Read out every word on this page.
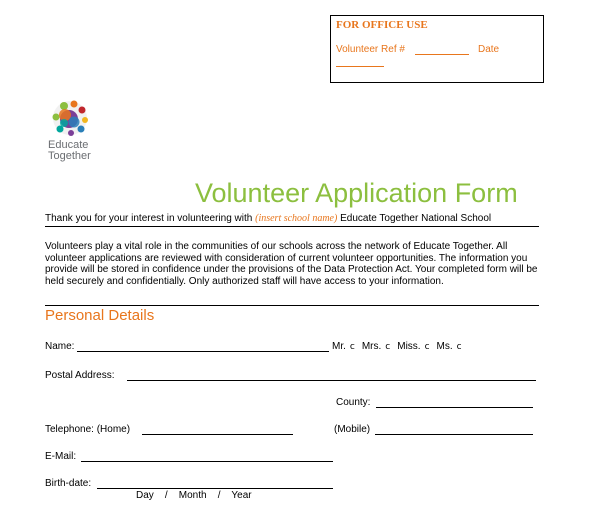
FOR OFFICE USE
Volunteer Ref #	Date
Educate
Together
Volunteer Application Form
Thank you for your interest in volunteering with (insert school name) Educate Together National School
Volunteers play a vital role in the communities of our schools across the network of Educate Together. All volunteer applications are reviewed with consideration of current volunteer opportunities. The information you provide will be stored in confidence under the provisions of the Data Protection Act. Your completed form will be held securely and confidentially. Only authorized staff will have access to your information.
Personal Details
Name:	Mr. c Mrs. c Miss. c Ms. c
Postal Address:
County:
Telephone: (Home)	(Mobile)
E-Mail:
Birth-date:
Day    /    Month    /    Year
